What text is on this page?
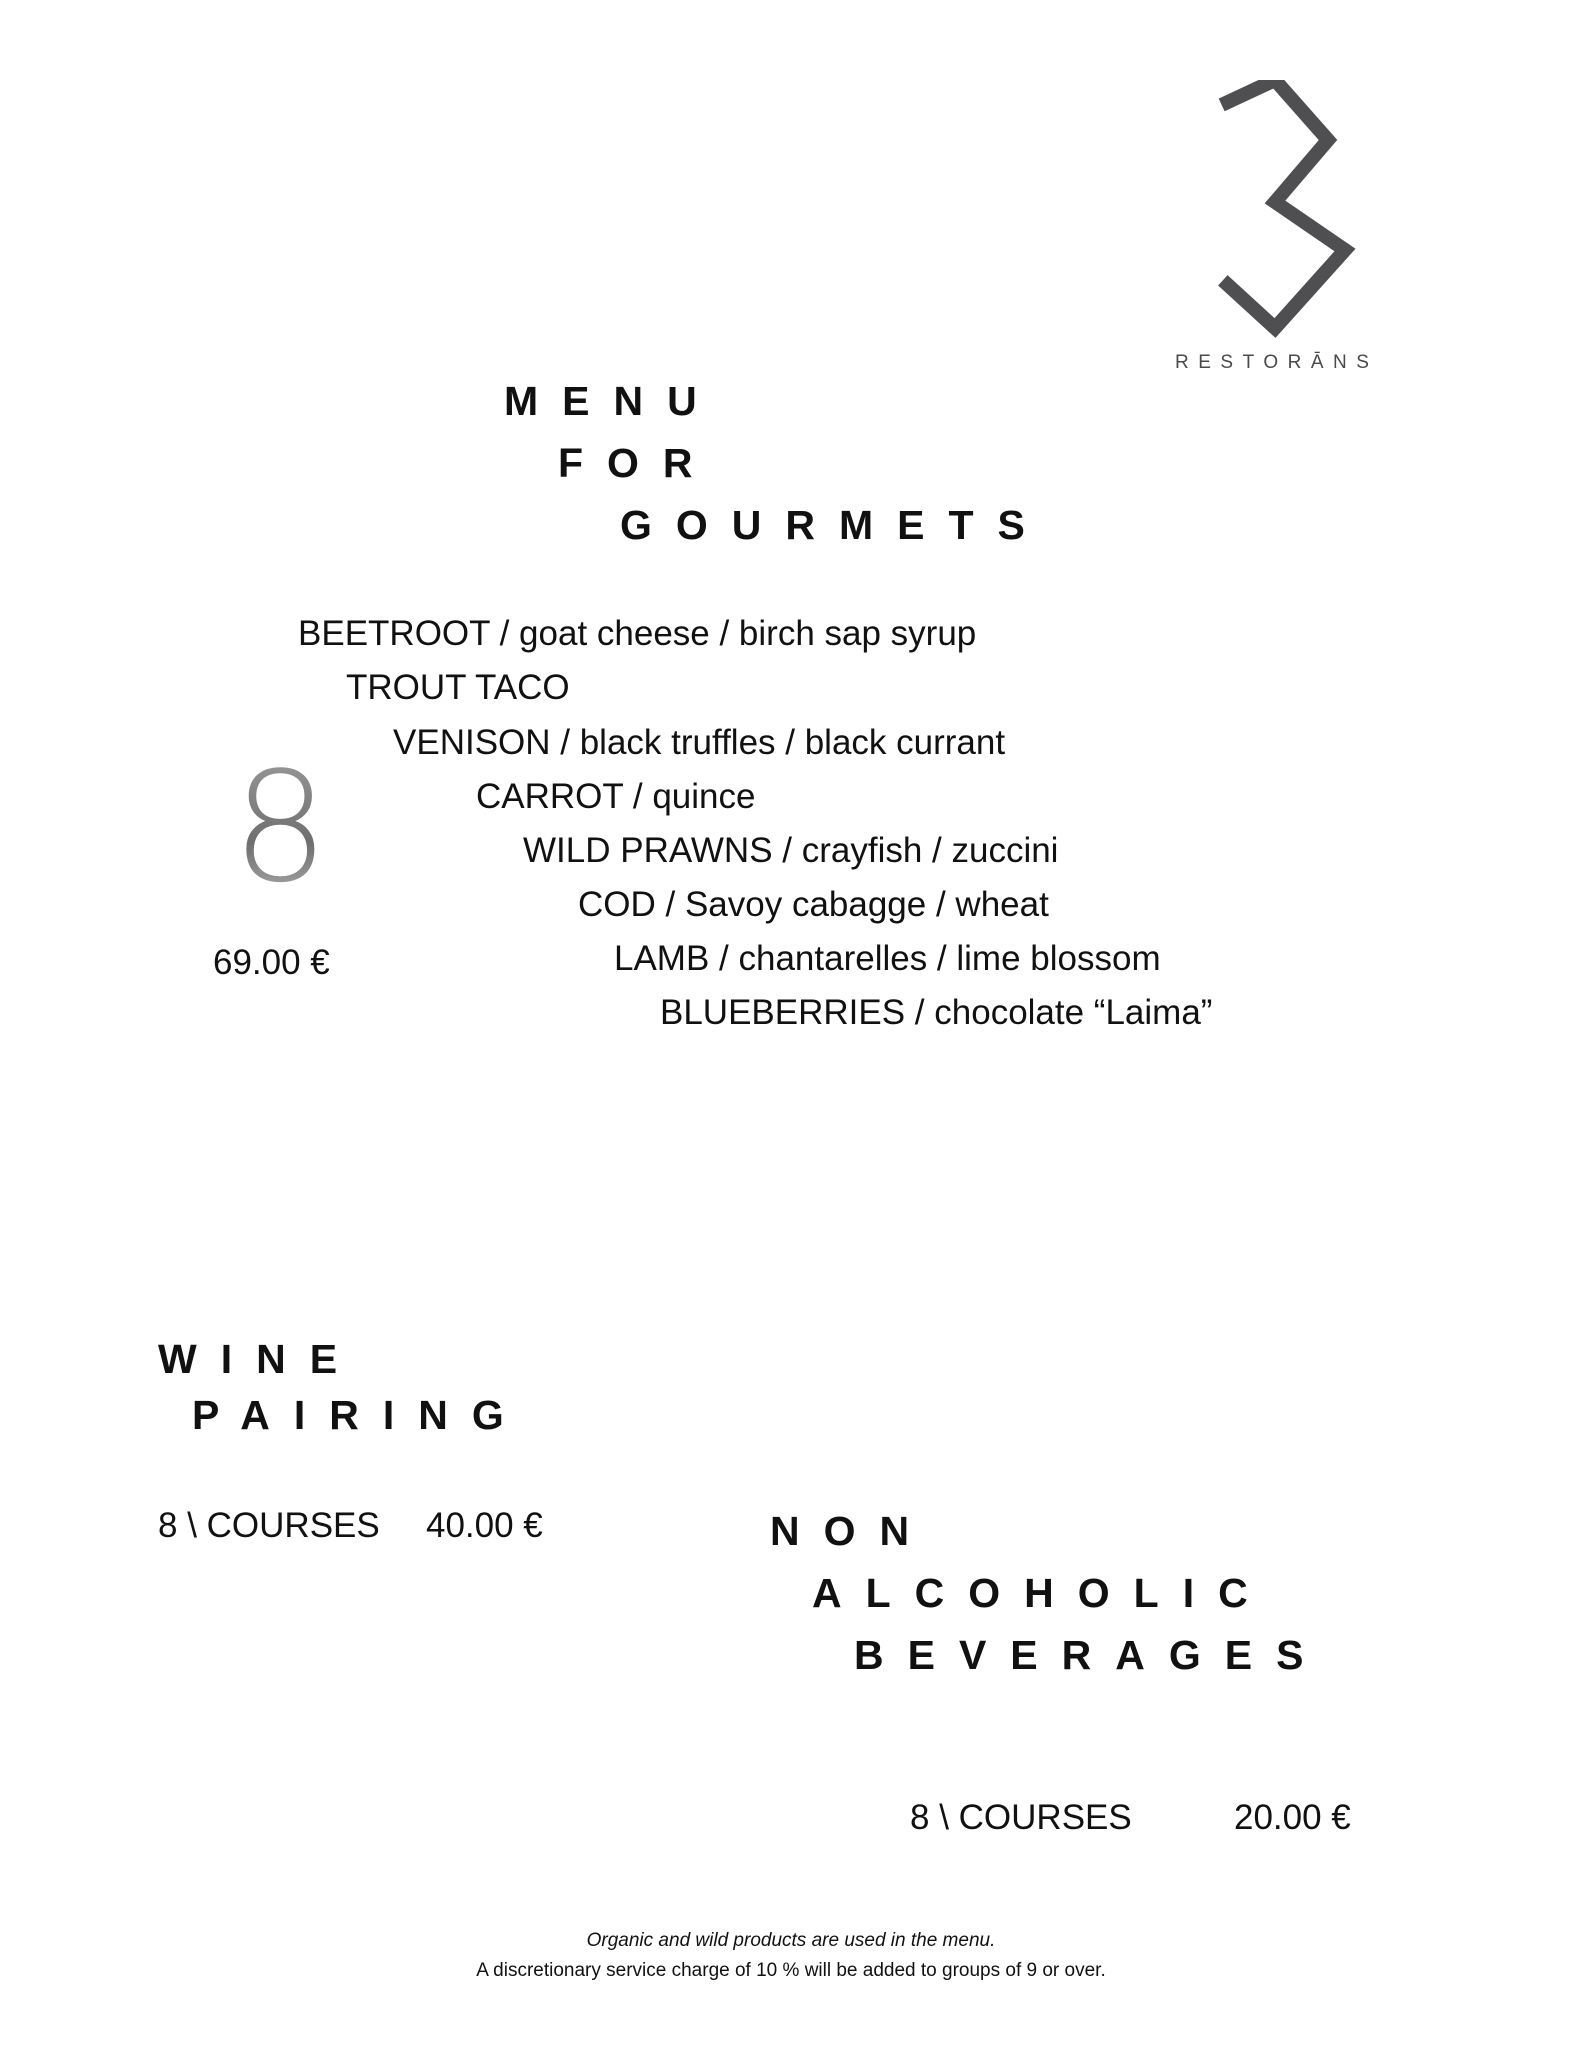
RESTORĀNS
MENU
FOR
GOURMETS
BEETROOT / goat cheese / birch sap syrup
TROUT TACO
VENISON / black truffles / black currant
CARROT / quince
WILD PRAWNS / crayfish / zuccini
COD / Savoy cabagge / wheat
LAMB / chantarelles / lime blossom
BLUEBERRIES / chocolate “Laima”
8
69.00 €
WINE
PAIRING
8 \ COURSES 40.00 €	NON
ALCOHOLIC
BEVERAGES
8 \ COURSES	20.00 €
Organic and wild products are used in the menu.
A discretionary service charge of 10 % will be added to groups of 9 or over.
